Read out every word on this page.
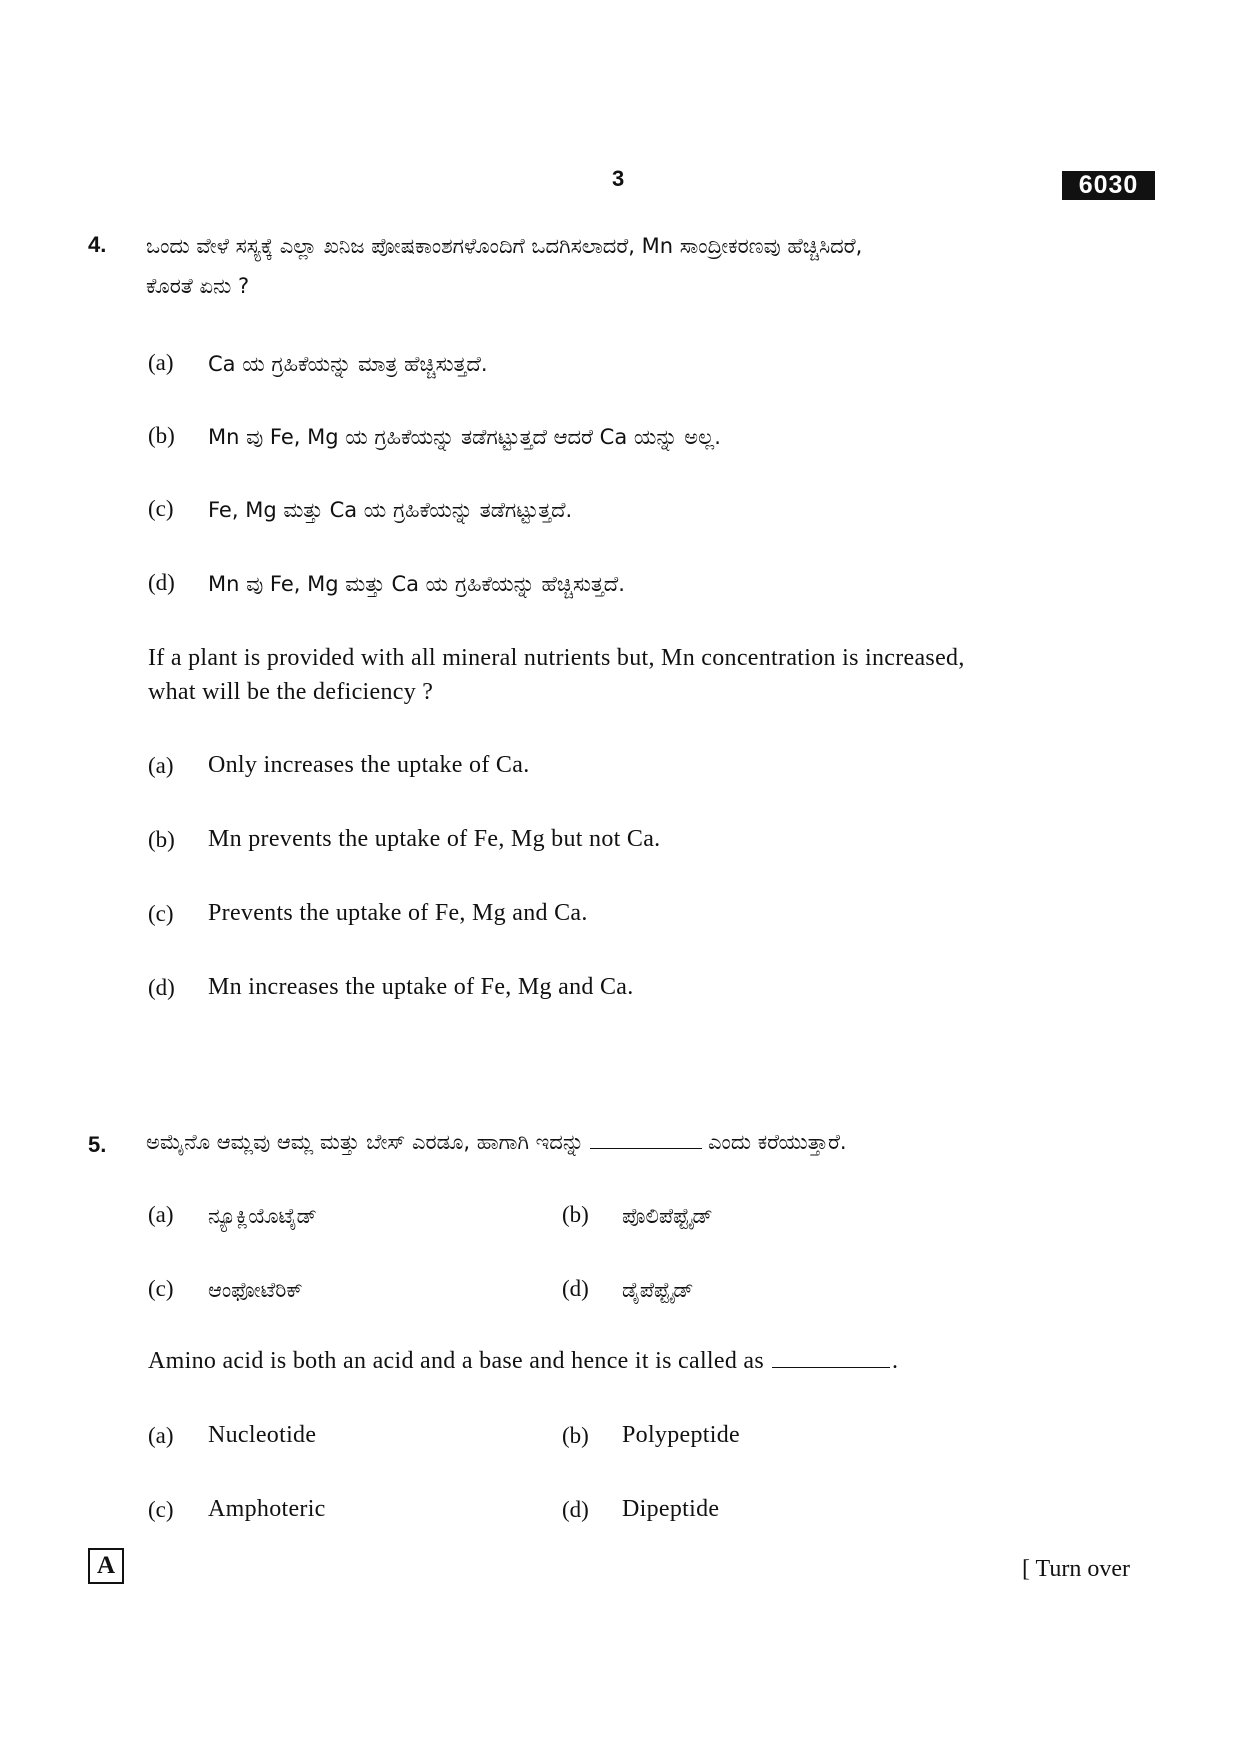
3	6030
4. ಒಂದು ವೇಳೆ ಸಸ್ಯಕ್ಕೆ ಎಲ್ಲಾ ಖನಿಜ ಪೋಷಕಾಂಶಗಳೊಂದಿಗೆ ಒದಗಿಸಲಾದರೆ, Mn ಸಾಂದ್ರೀಕರಣವು ಹೆಚ್ಚಿಸಿದರೆ,
ಕೊರತೆ ಏನು ?
(a) Ca ಯ ಗ್ರಹಿಕೆಯನ್ನು ಮಾತ್ರ ಹೆಚ್ಚಿಸುತ್ತದೆ.
(b) Mn ವು Fe, Mg ಯ ಗ್ರಹಿಕೆಯನ್ನು ತಡೆಗಟ್ಟುತ್ತದೆ ಆದರೆ Ca ಯನ್ನು ಅಲ್ಲ.
(c) Fe, Mg ಮತ್ತು Ca ಯ ಗ್ರಹಿಕೆಯನ್ನು ತಡೆಗಟ್ಟುತ್ತದೆ.
(d) Mn ವು Fe, Mg ಮತ್ತು Ca ಯ ಗ್ರಹಿಕೆಯನ್ನು ಹೆಚ್ಚಿಸುತ್ತದೆ.
If a plant is provided with all mineral nutrients but, Mn concentration is increased,
what will be the deficiency ?
(a) Only increases the uptake of Ca.
(b) Mn prevents the uptake of Fe, Mg but not Ca.
(c) Prevents the uptake of Fe, Mg and Ca.
(d) Mn increases the uptake of Fe, Mg and Ca.
5. ಅಮೈನೊ ಆಮ್ಲವು ಆಮ್ಲ ಮತ್ತು ಬೇಸ್ ಎರಡೂ, ಹಾಗಾಗಿ ಇದನ್ನು	ಎಂದು ಕರೆಯುತ್ತಾರೆ.
(a) ನ್ಯೂಕ್ಲಿಯೊಟೈಡ್	(b) ಪೊಲಿಪೆಪ್ಟೈಡ್
(c) ಆಂಫೋಟೆರಿಕ್	(d) ಡೈಪೆಪ್ಟೈಡ್
Amino acid is both an acid and a base and hence it is called as	.
(a) Nucleotide	(b) Polypeptide
(c) Amphoteric	(d) Dipeptide
A	[ Turn over
